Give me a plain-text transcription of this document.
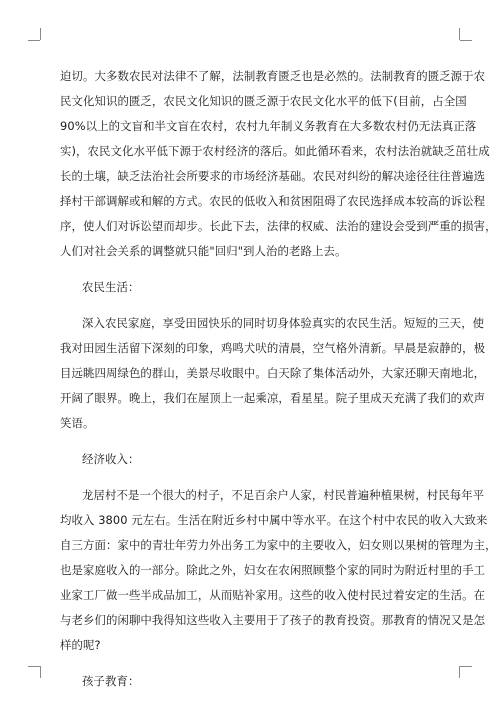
迫切。大多数农民对法律不了解，法制教育匮乏也是必然的。法制教育的匮乏源于农
民文化知识的匮乏，农民文化知识的匮乏源于农民文化水平的低下(目前，占全国
90%以上的文盲和半文盲在农村，农村九年制义务教育在大多数农村仍无法真正落
实)，农民文化水平低下源于农村经济的落后。如此循环看来，农村法治就缺乏茁壮成
长的土壤，缺乏法治社会所要求的市场经济基础。农民对纠纷的解决途径往往普遍选
择村干部调解或和解的方式。农民的低收入和贫困阻碍了农民选择成本较高的诉讼程
序，使人们对诉讼望而却步。长此下去，法律的权威、法治的建设会受到严重的损害，
人们对社会关系的调整就只能"回归"到人治的老路上去。
农民生活：
深入农民家庭，享受田园快乐的同时切身体验真实的农民生活。短短的三天，使
我对田园生活留下深刻的印象，鸡鸣犬吠的清晨，空气格外清新。早晨是寂静的，极
目远眺四周绿色的群山，美景尽收眼中。白天除了集体活动外，大家还聊天南地北，
开阔了眼界。晚上，我们在屋顶上一起乘凉，看星星。院子里成天充满了我们的欢声
笑语。
经济收入：
龙居村不是一个很大的村子，不足百余户人家，村民普遍种植果树，村民每年平
均收入 3800 元左右。生活在附近乡村中属中等水平。在这个村中农民的收入大致来
自三方面：家中的青壮年劳力外出务工为家中的主要收入，妇女则以果树的管理为主，
也是家庭收入的一部分。除此之外，妇女在农闲照顾整个家的同时为附近村里的手工
业家工厂做一些半成品加工，从而贴补家用。这些的收入使村民过着安定的生活。在
与老乡们的闲聊中我得知这些收入主要用于了孩子的教育投资。那教育的情况又是怎
样的呢?
孩子教育：
